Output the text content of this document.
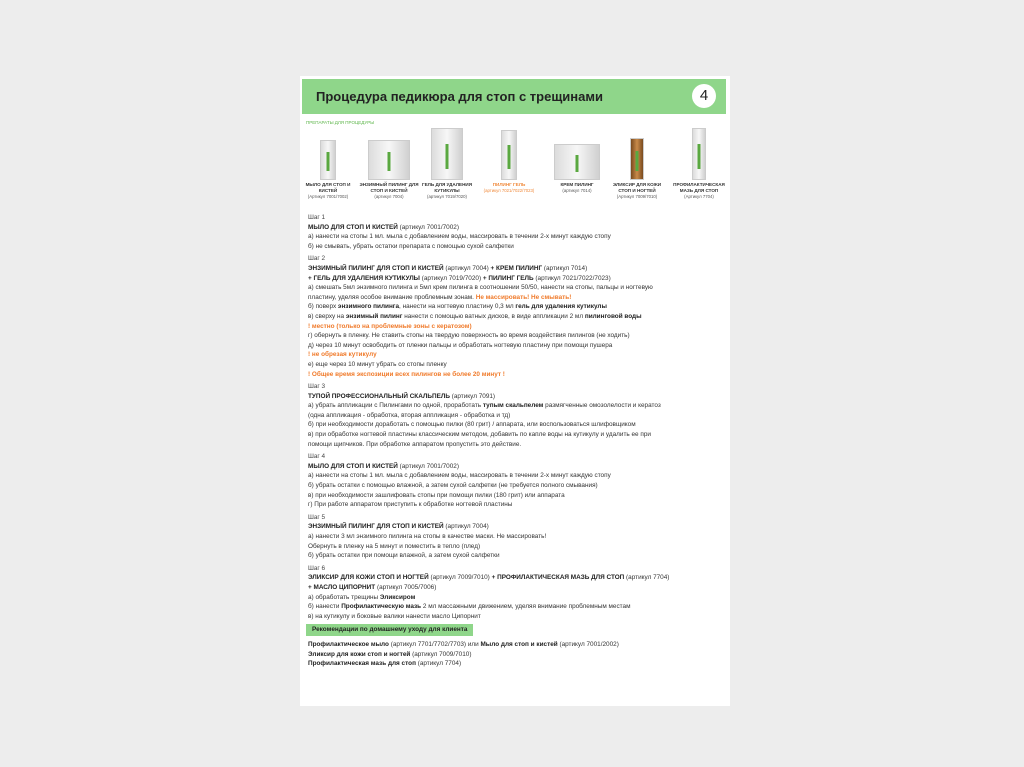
Процедура педикюра для стоп с трещинами	4
ПРЕПАРАТЫ ДЛЯ ПРОЦЕДУРЫ
МЫЛО ДЛЯ СТОП И КИСТЕЙ
(Артикул 7001/7002)
ЭНЗИМНЫЙ ПИЛИНГ ДЛЯ СТОП И КИСТЕЙ
(артикул 7004)
ГЕЛЬ ДЛЯ УДАЛЕНИЯ КУТИКУЛЫ
(артикул 7019/7020)
ПИЛИНГ ГЕЛЬ
(артикул 7021/7022/7023)
КРЕМ ПИЛИНГ
(артикул 7014)
ЭЛИКСИР ДЛЯ КОЖИ СТОП И НОГТЕЙ
(Артикул 7009/7010)
ПРОФИЛАКТИЧЕСКАЯ МАЗЬ ДЛЯ СТОП
(Артикул 7704)
Шаг 1
МЫЛО ДЛЯ СТОП И КИСТЕЙ (артикул 7001/7002)
а) нанести на стопы 1 мл. мыла с добавлением воды, массировать в течении 2-х минут каждую стопу
б) не смывать, убрать остатки препарата с помощью сухой салфетки
Шаг 2
ЭНЗИМНЫЙ ПИЛИНГ ДЛЯ СТОП И КИСТЕЙ (артикул 7004) + КРЕМ ПИЛИНГ (артикул 7014)
+ ГЕЛЬ ДЛЯ УДАЛЕНИЯ КУТИКУЛЫ (артикул 7019/7020) + ПИЛИНГ ГЕЛЬ (артикул 7021/7022/7023)
а) смешать 5мл энзимного пилинга и 5мл крем пилинга в соотношении 50/50, нанести на стопы, пальцы и ногтевую
пластину, уделяя особое внимание проблемным зонам. Не массировать! Не смывать!
б) поверх энзимного пилинга, нанести на ногтевую пластину 0,3 мл гель для удаления кутикулы
в) сверху на энзимный пилинг нанести с помощью ватных дисков, в виде аппликации 2 мл пилинговой воды
! местно (только на проблемные зоны с кератозом)
г) обернуть в пленку. Не ставить стопы на твердую поверхность во время воздействия пилингов (не ходить)
д) через 10 минут освободить от пленки пальцы и обработать ногтевую пластину при помощи пушера
! не обрезая кутикулу
е) еще через 10 минут убрать со стопы пленку
! Общее время экспозиции всех пилингов не более 20 минут !
Шаг 3
ТУПОЙ ПРОФЕССИОНАЛЬНЫЙ СКАЛЬПЕЛЬ (артикул 7091)
а) убрать аппликации с Пилингами по одной, проработать тупым скальпелем размягченные омозолелости и кератоз
(одна аппликация - обработка, вторая аппликация - обработка и тд)
б) при необходимости доработать с помощью пилки (80 грит) / аппарата, или воспользоваться шлифовщиком
в) при обработке ногтевой пластины классическим методом, добавить по капле воды на кутикулу и удалить ее при
помощи щипчиков. При обработке аппаратом пропустить это действие.
Шаг 4
МЫЛО ДЛЯ СТОП И КИСТЕЙ (артикул 7001/7002)
а) нанести на стопы 1 мл. мыла с добавлением воды, массировать в течении 2-х минут каждую стопу
б) убрать остатки с помощью влажной, а затем сухой салфетки (не требуется полного смывания)
в) при необходимости зашлифовать стопы при помощи пилки (180 грит) или аппарата
г) При работе аппаратом приступить к обработке ногтевой пластины
Шаг 5
ЭНЗИМНЫЙ ПИЛИНГ ДЛЯ СТОП И КИСТЕЙ (артикул 7004)
а) нанести 3 мл энзимного пилинга на стопы в качестве маски. Не массировать!
Обернуть в пленку на 5 минут и поместить в тепло (плед)
б) убрать остатки при помощи влажной, а затем сухой салфетки
Шаг 6
ЭЛИКСИР ДЛЯ КОЖИ СТОП И НОГТЕЙ (артикул 7009/7010) + ПРОФИЛАКТИЧЕСКАЯ МАЗЬ ДЛЯ СТОП (артикул 7704)
+ МАСЛО ЦИПОРНИТ (артикул 7005/7006)
а) обработать трещины Эликсиром
б) нанести Профилактическую мазь 2 мл массажными движением, уделяя внимание проблемным местам
в) на кутикулу и боковые валики нанести масло Ципорнит
Рекомендации по домашнему уходу для клиента
Профилактическое мыло (артикул 7701/7702/7703) или Мыло для стоп и кистей (артикул 7001/2002)
Эликсир для кожи стоп и ногтей (артикул 7009/7010)
Профилактическая мазь для стоп (артикул 7704)
